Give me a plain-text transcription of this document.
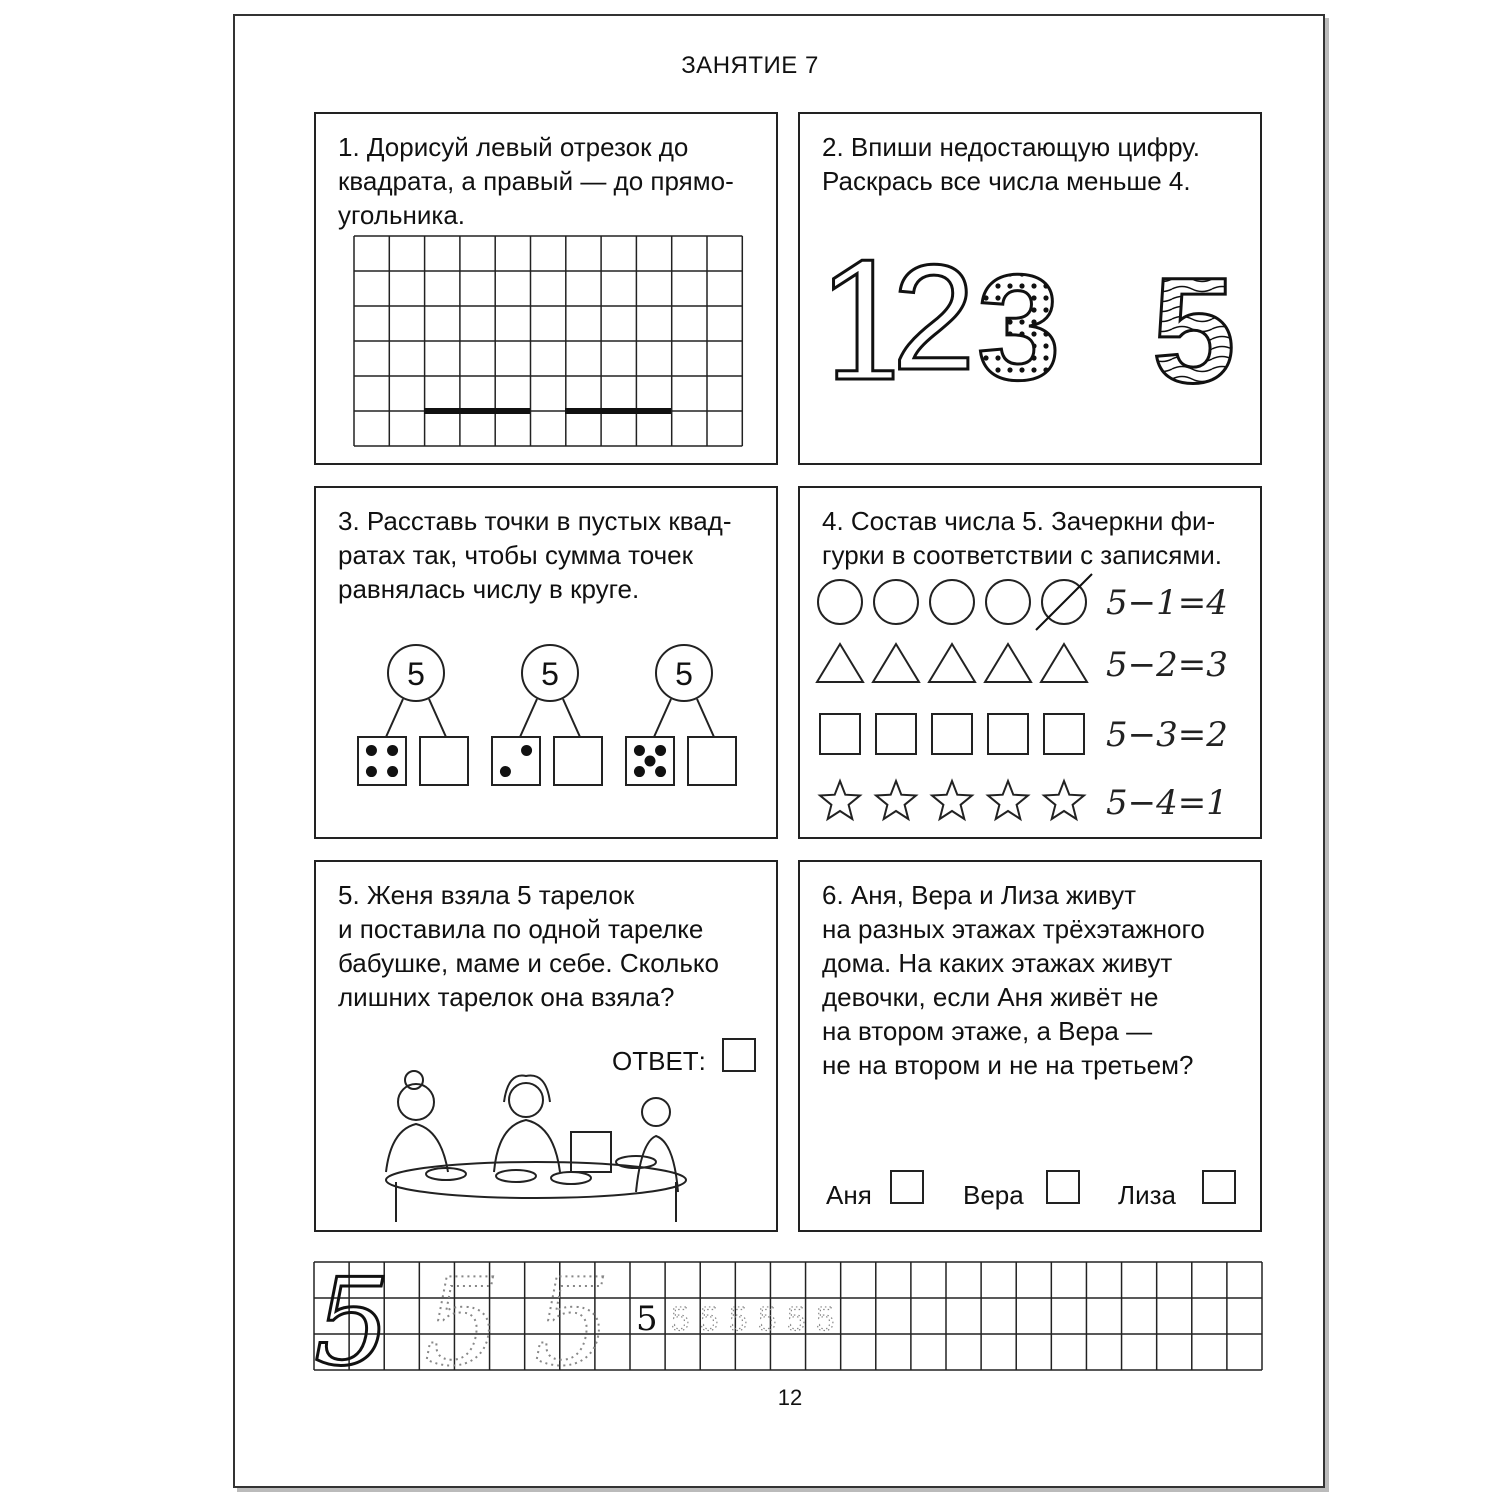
ЗАНЯТИЕ 7
1. Дорисуй левый отрезок до
квадрата, а правый — до прямо-
угольника.
2. Впиши недостающую цифру.
Раскрась все числа меньше 4.
1
2 3 5
3. Расставь точки в пустых квад-
ратах так, чтобы сумма точек
равнялась числу в круге.
5	5	5
4. Состав числа 5. Зачеркни фи-
гурки в соответствии с записями.
5−1=4
5−2=3
5−3=2
5−4=1
5. Женя взяла 5 тарелок
и поставила по одной тарелке
бабушке, маме и себе. Сколько
лишних тарелок она взяла?
ОТВЕТ:
6. Аня, Вера и Лиза живут
на разных этажах трёхэтажного
дома. На каких этажах живут
девочки, если Аня живёт не
на втором этаже, а Вера —
не на втором и не на третьем?
Аня	Вера	Лиза
5 5 5 5 5 5 5 5 5 5
12
